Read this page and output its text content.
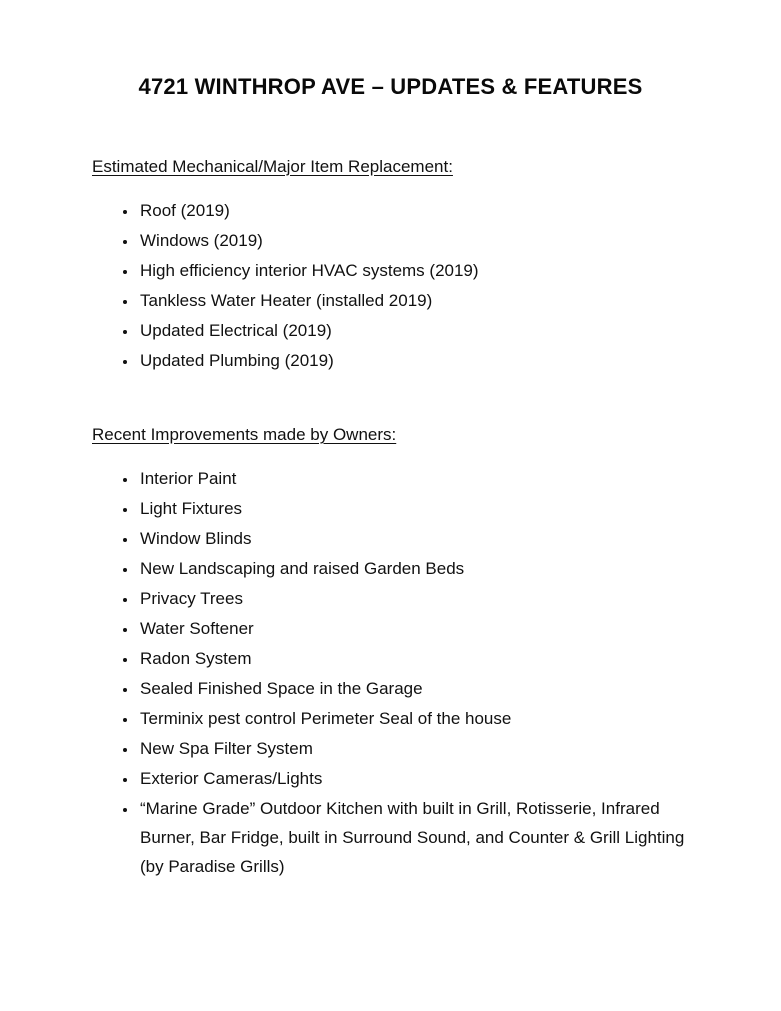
4721 WINTHROP AVE – UPDATES & FEATURES
Estimated Mechanical/Major Item Replacement:
• Roof (2019)
• Windows (2019)
• High efficiency interior HVAC systems (2019)
• Tankless Water Heater (installed 2019)
• Updated Electrical (2019)
• Updated Plumbing (2019)
Recent Improvements made by Owners:
• Interior Paint
• Light Fixtures
• Window Blinds
• New Landscaping and raised Garden Beds
• Privacy Trees
• Water Softener
• Radon System
• Sealed Finished Space in the Garage
• Terminix pest control Perimeter Seal of the house
• New Spa Filter System
• Exterior Cameras/Lights
• “Marine Grade” Outdoor Kitchen with built in Grill, Rotisserie, Infrared Burner, Bar Fridge, built in Surround Sound, and Counter & Grill Lighting (by Paradise Grills)
